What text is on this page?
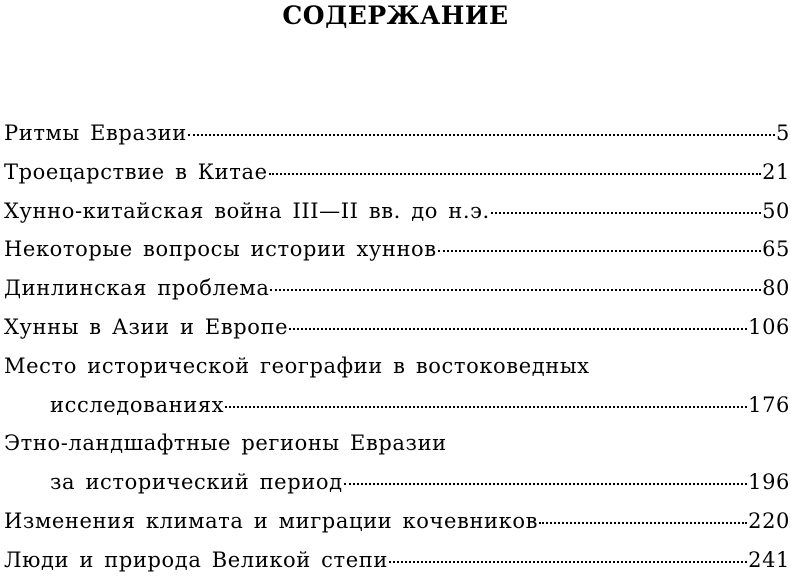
СОДЕРЖАНИЕ
Ритмы Евразии	5
Троецарствие в Китае	21
Хунно-китайская война III—II вв. до н.э.	50
Некоторые вопросы истории хуннов	65
Динлинская проблема	80
Хунны в Азии и Европе	106
Место исторической географии в востоковедных
исследованиях	176
Этно-ландшафтные регионы Евразии
за исторический период	196
Изменения климата и миграции кочевников	220
Люди и природа Великой степи	241
